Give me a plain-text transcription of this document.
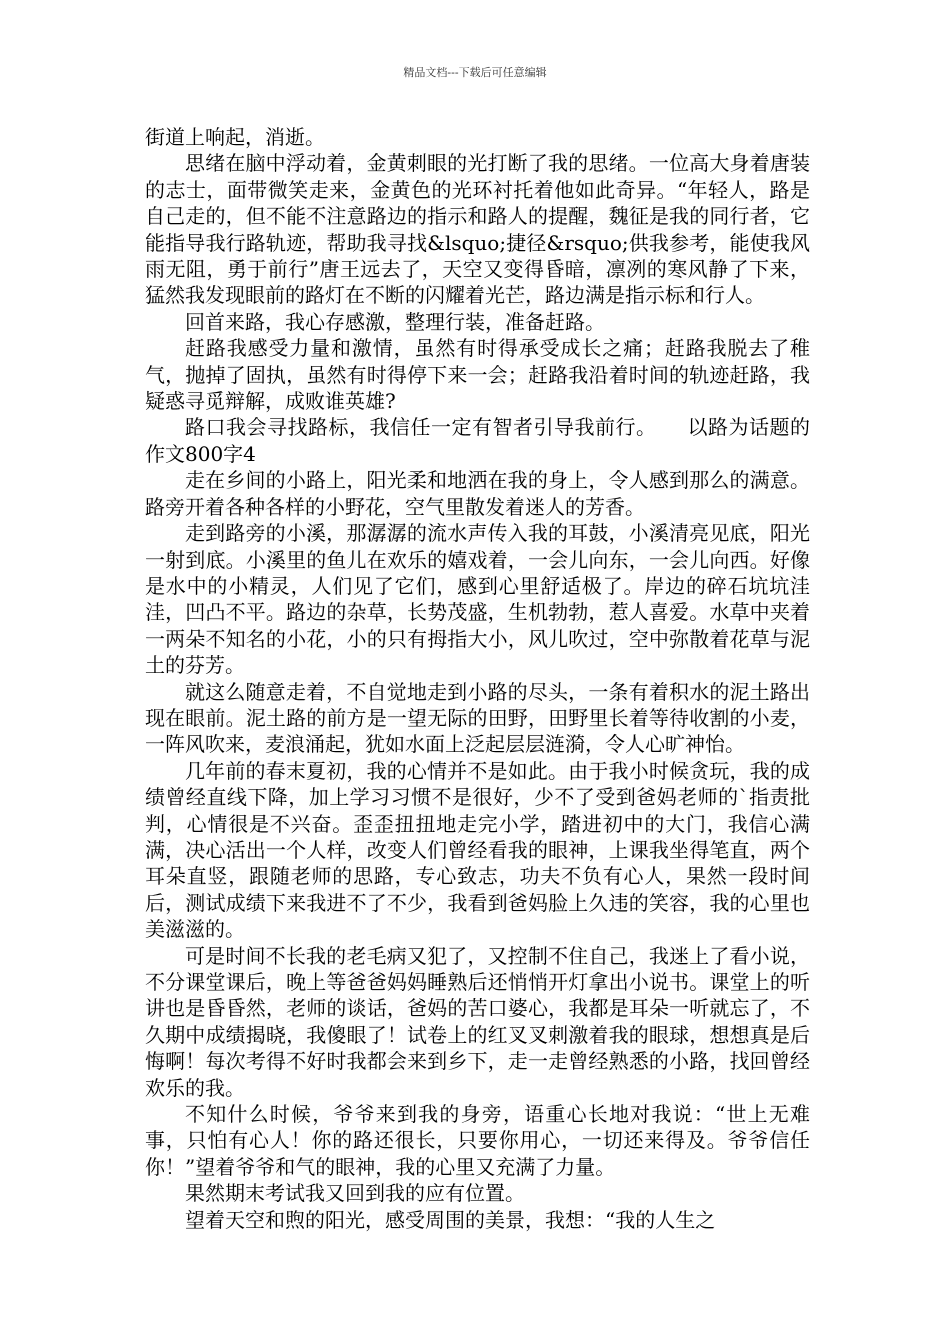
精品文档---下载后可任意编辑

街道上响起，消逝。

思绪在脑中浮动着，金黄刺眼的光打断了我的思绪。一位高大身着唐装的志士，面带微笑走来，金黄色的光环衬托着他如此奇异。“年轻人，路是自己走的，但不能不注意路边的指示和路人的提醒，魏征是我的同行者，它能指导我行路轨迹，帮助我寻找&lsquo;捷径&rsquo;供我参考，能使我风雨无阻，勇于前行”唐王远去了，天空又变得昏暗，凛冽的寒风静了下来，猛然我发现眼前的路灯在不断的闪耀着光芒，路边满是指示标和行人。

回首来路，我心存感激，整理行装，准备赶路。

赶路我感受力量和激情，虽然有时得承受成长之痛；赶路我脱去了稚气，抛掉了固执，虽然有时得停下来一会；赶路我沿着时间的轨迹赶路，我疑惑寻觅辩解，成败谁英雄?

路口我会寻找路标，我信任一定有智者引导我前行。　　以路为话题的作文800字4

走在乡间的小路上，阳光柔和地洒在我的身上，令人感到那么的满意。路旁开着各种各样的小野花，空气里散发着迷人的芳香。

走到路旁的小溪，那潺潺的流水声传入我的耳鼓，小溪清亮见底，阳光一射到底。小溪里的鱼儿在欢乐的嬉戏着，一会儿向东，一会儿向西。好像是水中的小精灵，人们见了它们，感到心里舒适极了。岸边的碎石坑坑洼洼，凹凸不平。路边的杂草，长势茂盛，生机勃勃，惹人喜爱。水草中夹着一两朵不知名的小花，小的只有拇指大小，风儿吹过，空中弥散着花草与泥土的芬芳。

就这么随意走着，不自觉地走到小路的尽头，一条有着积水的泥土路出现在眼前。泥土路的前方是一望无际的田野，田野里长着等待收割的小麦，一阵风吹来，麦浪涌起，犹如水面上泛起层层涟漪，令人心旷神怡。

几年前的春末夏初，我的心情并不是如此。由于我小时候贪玩，我的成绩曾经直线下降，加上学习习惯不是很好，少不了受到爸妈老师的`指责批判，心情很是不兴奋。歪歪扭扭地走完小学，踏进初中的大门，我信心满满，决心活出一个人样，改变人们曾经看我的眼神，上课我坐得笔直，两个耳朵直竖，跟随老师的思路，专心致志，功夫不负有心人，果然一段时间后，测试成绩下来我进不了不少，我看到爸妈脸上久违的笑容，我的心里也美滋滋的。

可是时间不长我的老毛病又犯了，又控制不住自己，我迷上了看小说，不分课堂课后，晚上等爸爸妈妈睡熟后还悄悄开灯拿出小说书。课堂上的听讲也是昏昏然，老师的谈话，爸妈的苦口婆心，我都是耳朵一听就忘了，不久期中成绩揭晓，我傻眼了！试卷上的红叉叉刺激着我的眼球，想想真是后悔啊！每次考得不好时我都会来到乡下，走一走曾经熟悉的小路，找回曾经欢乐的我。

不知什么时候，爷爷来到我的身旁，语重心长地对我说：“世上无难事，只怕有心人！你的路还很长，只要你用心，一切还来得及。爷爷信任你！”望着爷爷和气的眼神，我的心里又充满了力量。

果然期末考试我又回到我的应有位置。

望着天空和煦的阳光，感受周围的美景，我想：“我的人生之
